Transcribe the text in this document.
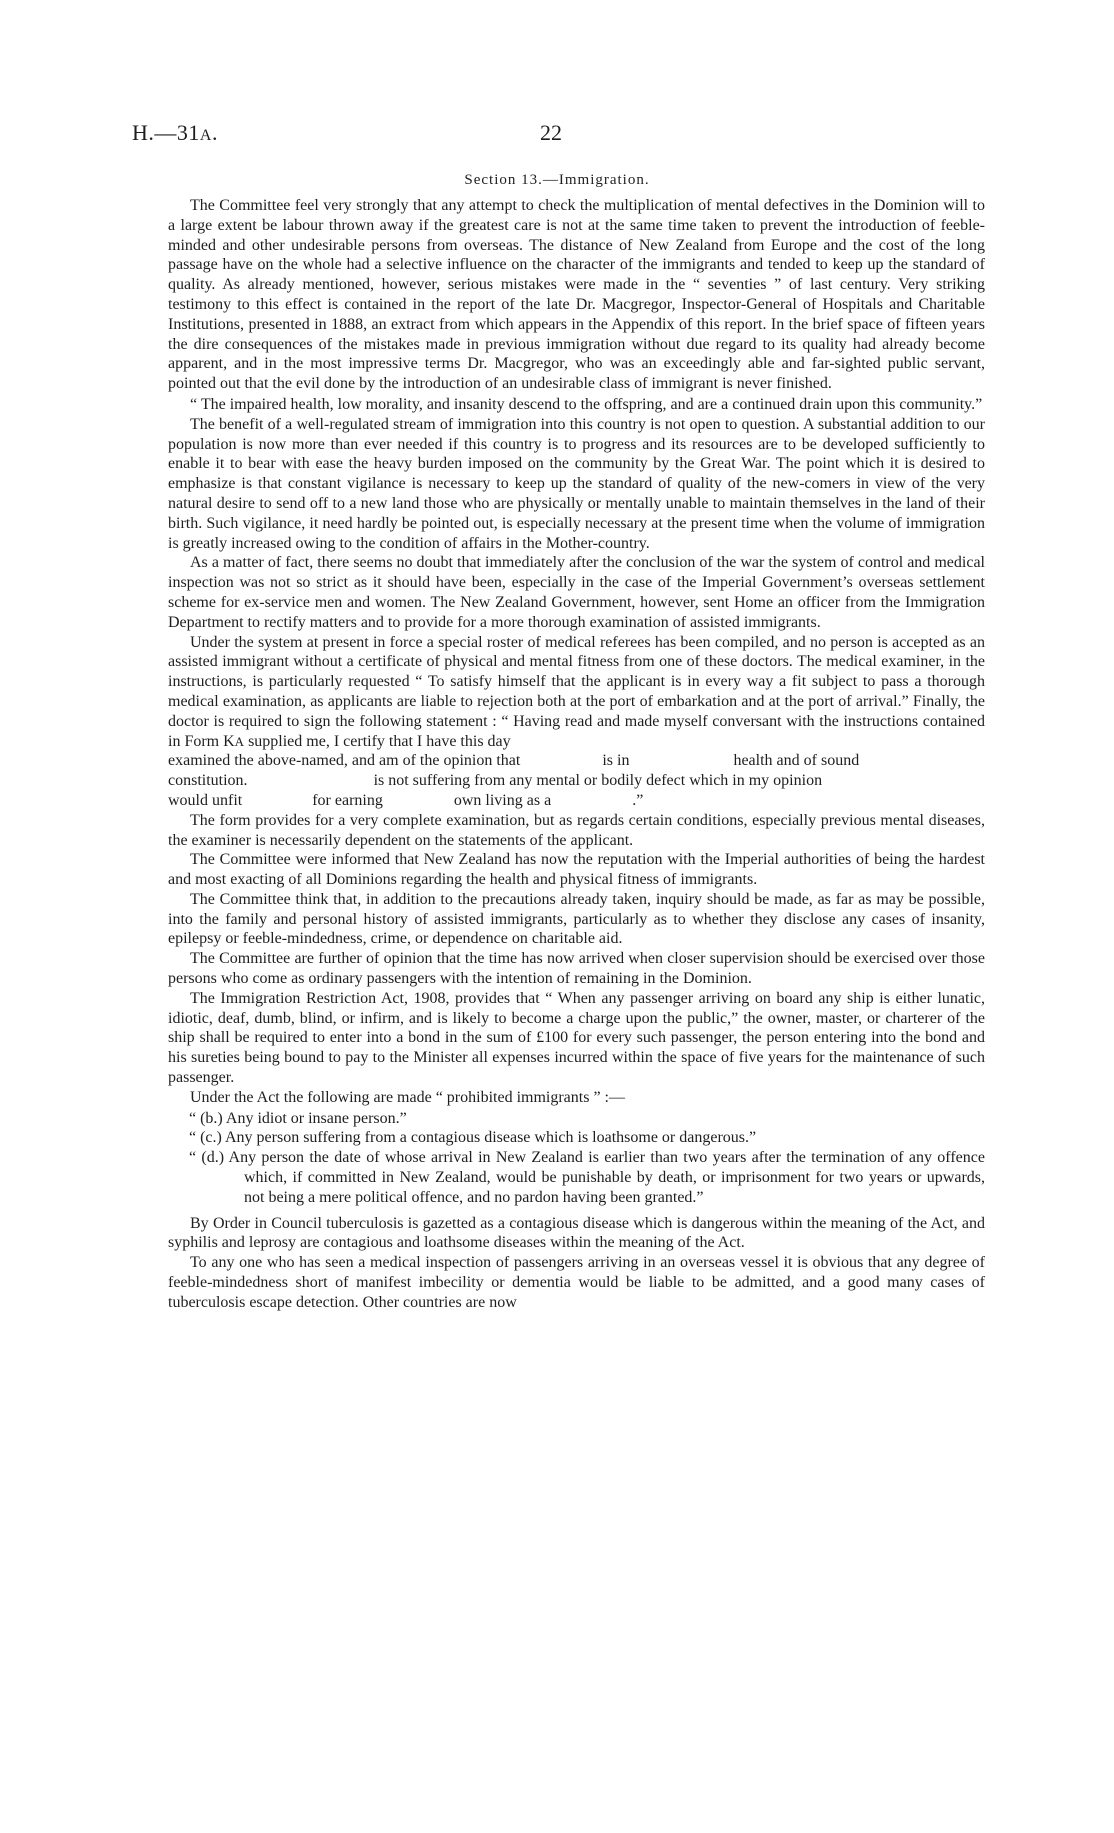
H.—31A.	22
Section 13.—Immigration.

The Committee feel very strongly that any attempt to check the multiplication of mental defectives in the Dominion will to a large extent be labour thrown away if the greatest care is not at the same time taken to prevent the introduction of feeble-minded and other undesirable persons from overseas. The distance of New Zealand from Europe and the cost of the long passage have on the whole had a selective influence on the character of the immigrants and tended to keep up the standard of quality. As already mentioned, however, serious mistakes were made in the “ seventies ” of last century. Very striking testimony to this effect is contained in the report of the late Dr. Macgregor, Inspector-General of Hospitals and Charitable Institutions, presented in 1888, an extract from which appears in the Appendix of this report. In the brief space of fifteen years the dire consequences of the mistakes made in previous immigration without due regard to its quality had already become apparent, and in the most impressive terms Dr. Macgregor, who was an exceedingly able and far-sighted public servant, pointed out that the evil done by the introduction of an undesirable class of immigrant is never finished.

“ The impaired health, low morality, and insanity descend to the offspring, and are a continued drain upon this community.”

The benefit of a well-regulated stream of immigration into this country is not open to question. A substantial addition to our population is now more than ever needed if this country is to progress and its resources are to be developed sufficiently to enable it to bear with ease the heavy burden imposed on the community by the Great War. The point which it is desired to emphasize is that constant vigilance is necessary to keep up the standard of quality of the new-comers in view of the very natural desire to send off to a new land those who are physically or mentally unable to maintain themselves in the land of their birth. Such vigilance, it need hardly be pointed out, is especially necessary at the present time when the volume of immigration is greatly increased owing to the condition of affairs in the Mother-country.

As a matter of fact, there seems no doubt that immediately after the conclusion of the war the system of control and medical inspection was not so strict as it should have been, especially in the case of the Imperial Government’s overseas settlement scheme for ex-service men and women. The New Zealand Government, however, sent Home an officer from the Immigration Department to rectify matters and to provide for a more thorough examination of assisted immigrants.

Under the system at present in force a special roster of medical referees has been compiled, and no person is accepted as an assisted immigrant without a certificate of physical and mental fitness from one of these doctors. The medical examiner, in the instructions, is particularly requested “ To satisfy himself that the applicant is in every way a fit subject to pass a thorough medical examination, as applicants are liable to rejection both at the port of embarkation and at the port of arrival.” Finally, the doctor is required to sign the following statement : “ Having read and made myself conversant with the instructions contained in Form KA supplied me, I certify that I have this day
examined the above-named, and am of the opinion that	is in	health and of sound
constitution.	is not suffering from any mental or bodily defect which in my opinion
would unfit	for earning	own living as a	.”

The form provides for a very complete examination, but as regards certain conditions, especially previous mental diseases, the examiner is necessarily dependent on the statements of the applicant.

The Committee were informed that New Zealand has now the reputation with the Imperial authorities of being the hardest and most exacting of all Dominions regarding the health and physical fitness of immigrants.

The Committee think that, in addition to the precautions already taken, inquiry should be made, as far as may be possible, into the family and personal history of assisted immigrants, particularly as to whether they disclose any cases of insanity, epilepsy or feeble-mindedness, crime, or dependence on charitable aid.

The Committee are further of opinion that the time has now arrived when closer supervision should be exercised over those persons who come as ordinary passengers with the intention of remaining in the Dominion.

The Immigration Restriction Act, 1908, provides that “ When any passenger arriving on board any ship is either lunatic, idiotic, deaf, dumb, blind, or infirm, and is likely to become a charge upon the public,” the owner, master, or charterer of the ship shall be required to enter into a bond in the sum of £100 for every such passenger, the person entering into the bond and his sureties being bound to pay to the Minister all expenses incurred within the space of five years for the maintenance of such passenger.

Under the Act the following are made “ prohibited immigrants ” :—

“ (b.) Any idiot or insane person.”
“ (c.) Any person suffering from a contagious disease which is loathsome or dangerous.”
“ (d.) Any person the date of whose arrival in New Zealand is earlier than two years after the termination of any offence which, if committed in New Zealand, would be punishable by death, or imprisonment for two years or upwards, not being a mere political offence, and no pardon having been granted.”

By Order in Council tuberculosis is gazetted as a contagious disease which is dangerous within the meaning of the Act, and syphilis and leprosy are contagious and loathsome diseases within the meaning of the Act.

To any one who has seen a medical inspection of passengers arriving in an overseas vessel it is obvious that any degree of feeble-mindedness short of manifest imbecility or dementia would be liable to be admitted, and a good many cases of tuberculosis escape detection. Other countries are now
